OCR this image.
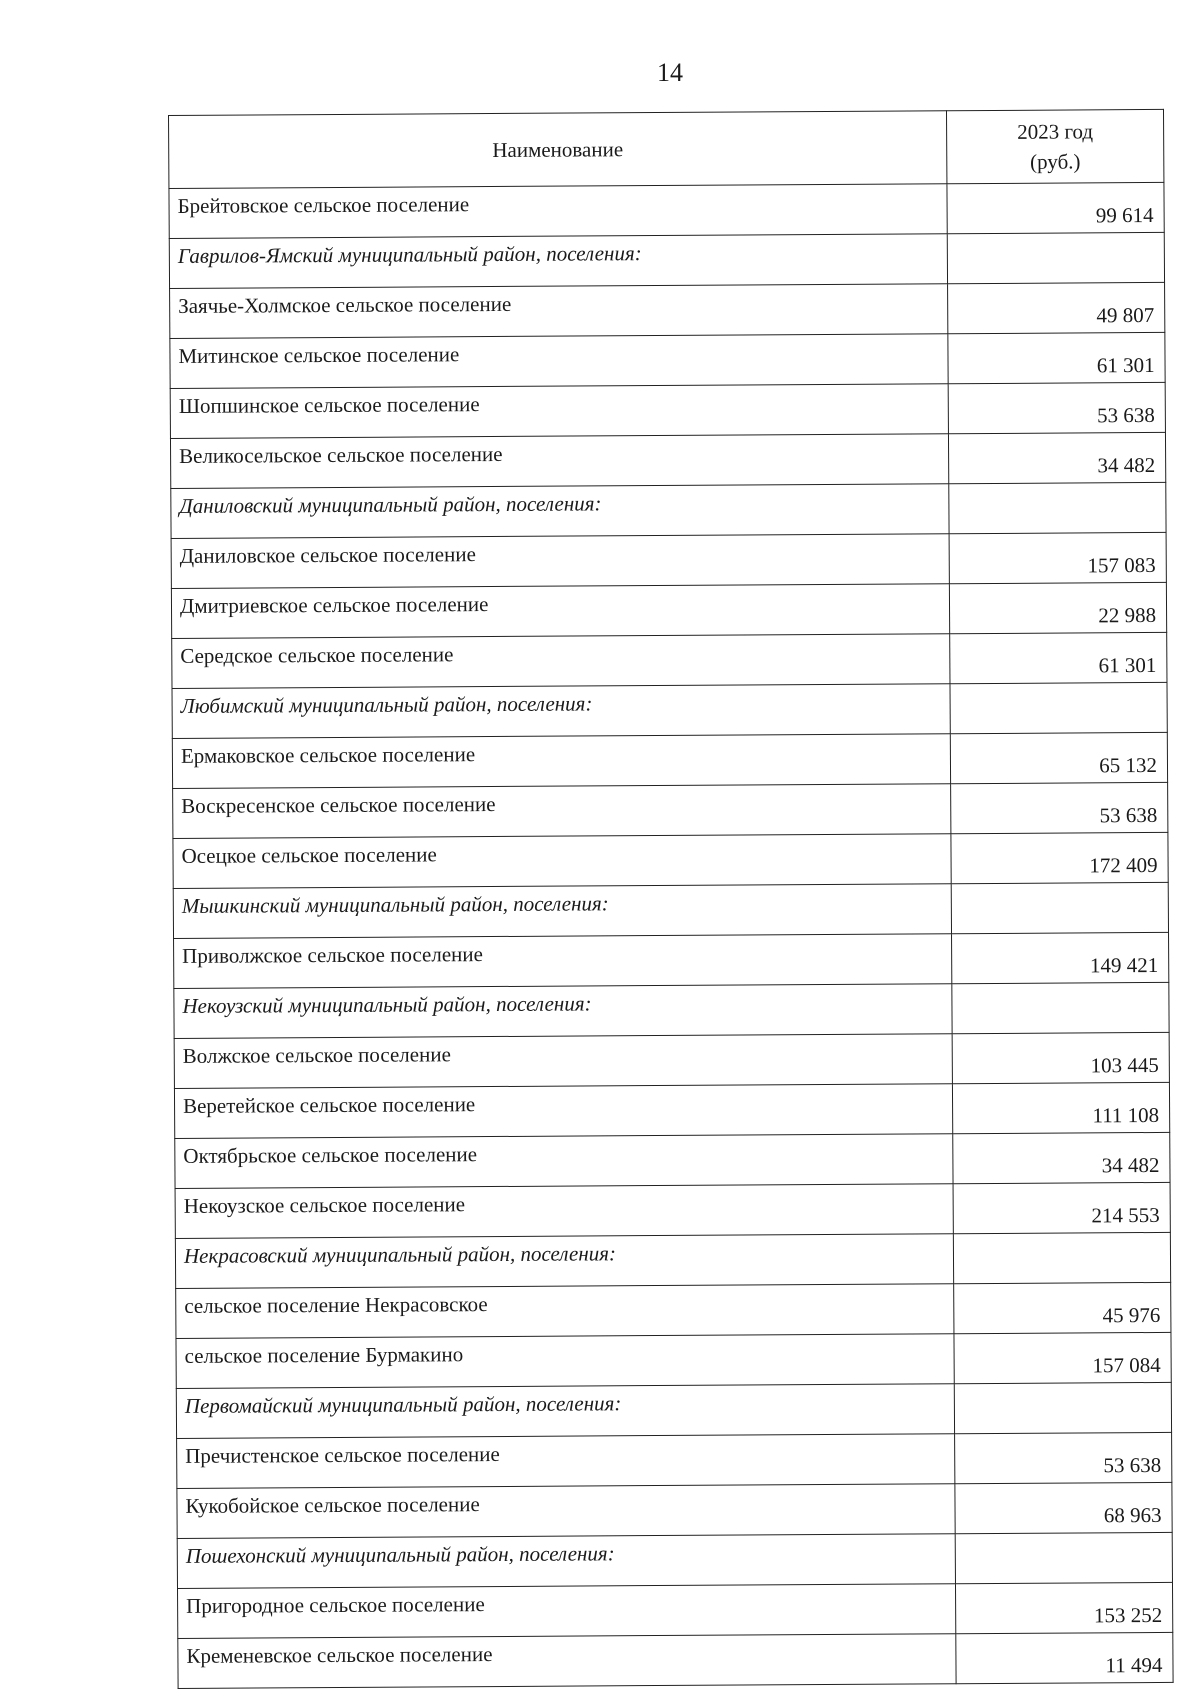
14
Наименование	2023 год
(руб.)

Брейтовское сельское поселение	99 614
Гаврилов-Ямский муниципальный район, поселения:	
Заячье-Холмское сельское поселение	49 807
Митинское сельское поселение	61 301
Шопшинское сельское поселение	53 638
Великосельское сельское поселение	34 482
Даниловский муниципальный район, поселения:	
Даниловское сельское поселение	157 083
Дмитриевское сельское поселение	22 988
Середское сельское поселение	61 301
Любимский муниципальный район, поселения:	
Ермаковское сельское поселение	65 132
Воскресенское сельское поселение	53 638
Осецкое сельское поселение	172 409
Мышкинский муниципальный район, поселения:	
Приволжское сельское поселение	149 421
Некоузский муниципальный район, поселения:	
Волжское сельское поселение	103 445
Веретейское сельское поселение	111 108
Октябрьское сельское поселение	34 482
Некоузское сельское поселение	214 553
Некрасовский муниципальный район, поселения:	
сельское поселение Некрасовское	45 976
сельское поселение Бурмакино	157 084
Первомайский муниципальный район, поселения:	
Пречистенское сельское поселение	53 638
Кукобойское сельское поселение	68 963
Пошехонский муниципальный район, поселения:	
Пригородное сельское поселение	153 252
Кременевское сельское поселение	11 494
